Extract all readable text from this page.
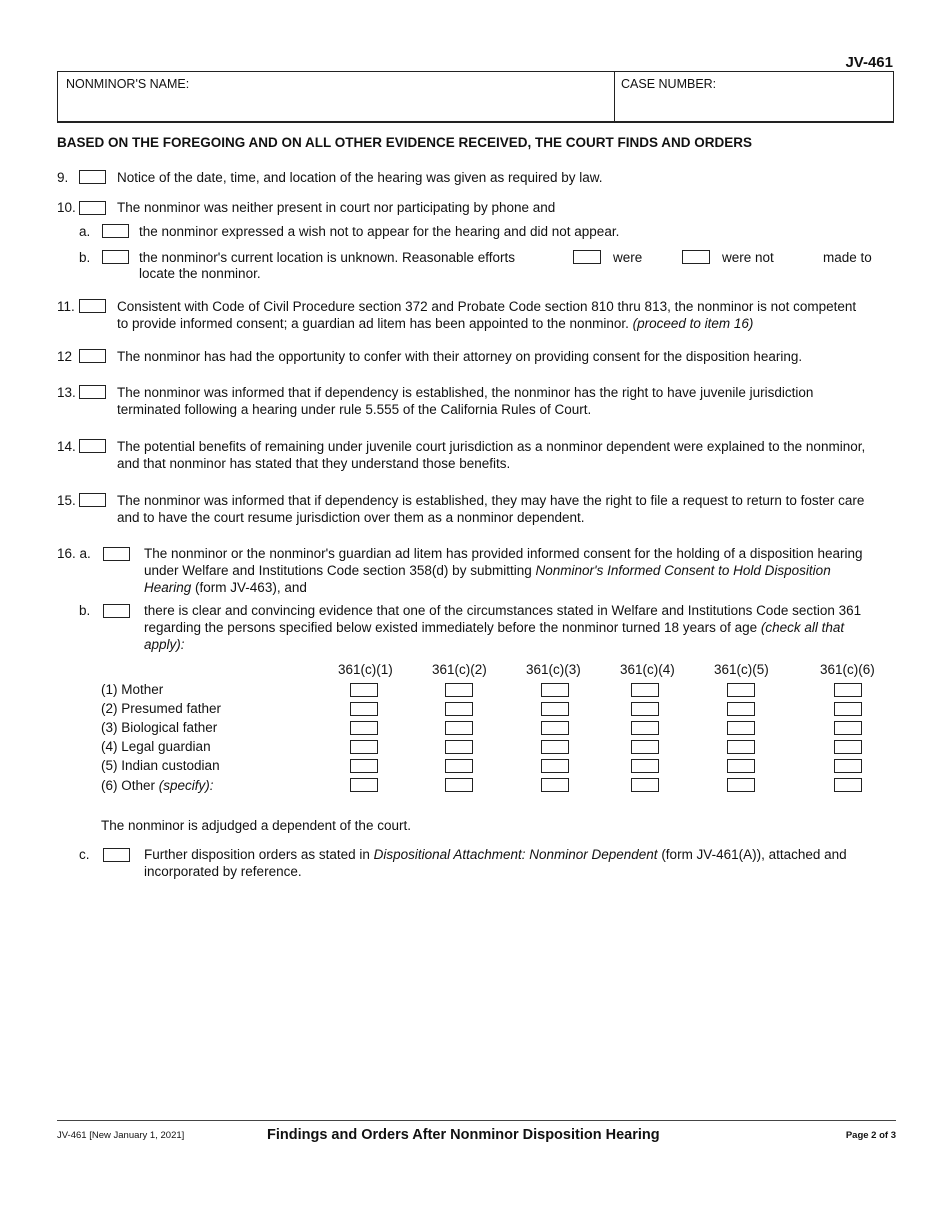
JV-461
NONMINOR'S NAME:	CASE NUMBER:
BASED ON THE FOREGOING AND ON ALL OTHER EVIDENCE RECEIVED, THE COURT FINDS AND ORDERS
9.	Notice of the date, time, and location of the hearing was given as required by law.
10.	The nonminor was neither present in court nor participating by phone and
a.	the nonminor expressed a wish not to appear for the hearing and did not appear.
b.	the nonminor's current location is unknown. Reasonable efforts	were	were not	made to
locate the nonminor.
11.	Consistent with Code of Civil Procedure section 372 and Probate Code section 810 thru 813, the nonminor is not competent
to provide informed consent; a guardian ad litem has been appointed to the nonminor. (proceed to item 16)
12	The nonminor has had the opportunity to confer with their attorney on providing consent for the disposition hearing.
13.	The nonminor was informed that if dependency is established, the nonminor has the right to have juvenile jurisdiction
terminated following a hearing under rule 5.555 of the California Rules of Court.
14.	The potential benefits of remaining under juvenile court jurisdiction as a nonminor dependent were explained to the nonminor,
and that nonminor has stated that they understand those benefits.
15.	The nonminor was informed that if dependency is established, they may have the right to file a request to return to foster care
and to have the court resume jurisdiction over them as a nonminor dependent.
16. a.	The nonminor or the nonminor's guardian ad litem has provided informed consent for the holding of a disposition hearing
under Welfare and Institutions Code section 358(d) by submitting Nonminor's Informed Consent to Hold Disposition
Hearing (form JV-463), and
b.	there is clear and convincing evidence that one of the circumstances stated in Welfare and Institutions Code section 361
regarding the persons specified below existed immediately before the nonminor turned 18 years of age (check all that
apply):
361(c)(1)	361(c)(2)	361(c)(3)	361(c)(4)	361(c)(5)	361(c)(6)
(1) Mother
(2) Presumed father
(3) Biological father
(4) Legal guardian
(5) Indian custodian
(6) Other (specify):
The nonminor is adjudged a dependent of the court.
c.	Further disposition orders as stated in Dispositional Attachment: Nonminor Dependent (form JV-461(A)), attached and
incorporated by reference.
JV-461 [New January 1, 2021]	Findings and Orders After Nonminor Disposition Hearing	Page 2 of 3
